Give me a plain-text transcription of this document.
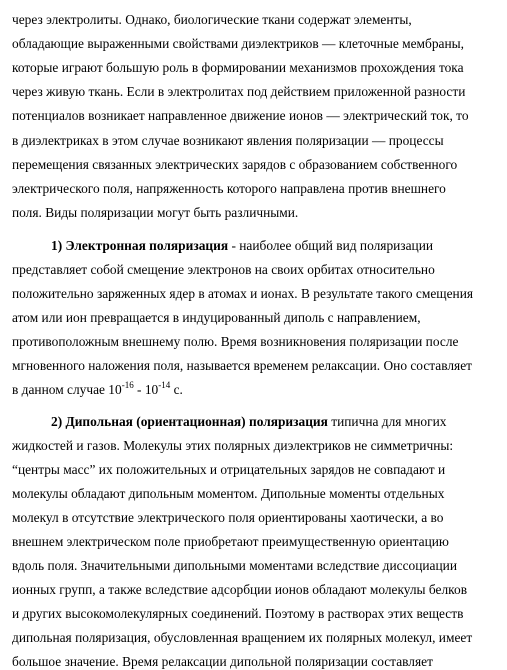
через электролиты. Однако, биологические ткани содержат элементы,
обладающие выраженными свойствами диэлектриков — клеточные мембраны,
которые играют большую роль в формировании механизмов прохождения тока
через живую ткань. Если в электролитах под действием приложенной разности
потенциалов возникает направленное движение ионов — электрический ток, то
в диэлектриках в этом случае возникают явления поляризации — процессы
перемещения связанных электрических зарядов с образованием собственного
электрического поля, напряженность которого направлена против внешнего
поля. Виды поляризации могут быть различными.
1) Электронная поляризация - наиболее общий вид поляризации
представляет собой смещение электронов на своих орбитах относительно
положительно заряженных ядер в атомах и ионах. В результате такого смещения
атом или ион превращается в индуцированный диполь с направлением,
противоположным внешнему полю. Время возникновения поляризации после
мгновенного наложения поля, называется временем релаксации. Оно составляет
в данном случае $10^{-16} - 10^{-14}$ с.
2) Дипольная (ориентационная) поляризация типична для многих
жидкостей и газов. Молекулы этих полярных диэлектриков не симметричны:
“центры масс” их положительных и отрицательных зарядов не совпадают и
молекулы обладают дипольным моментом. Дипольные моменты отдельных
молекул в отсутствие электрического поля ориентированы хаотически, а во
внешнем электрическом поле приобретают преимущественную ориентацию
вдоль поля. Значительными дипольными моментами вследствие диссоциации
ионных групп, а также вследствие адсорбции ионов обладают молекулы белков
и других высокомолекулярных соединений. Поэтому в растворах этих веществ
дипольная поляризация, обусловленная вращением их полярных молекул, имеет
большое значение. Время релаксации дипольной поляризации составляет
